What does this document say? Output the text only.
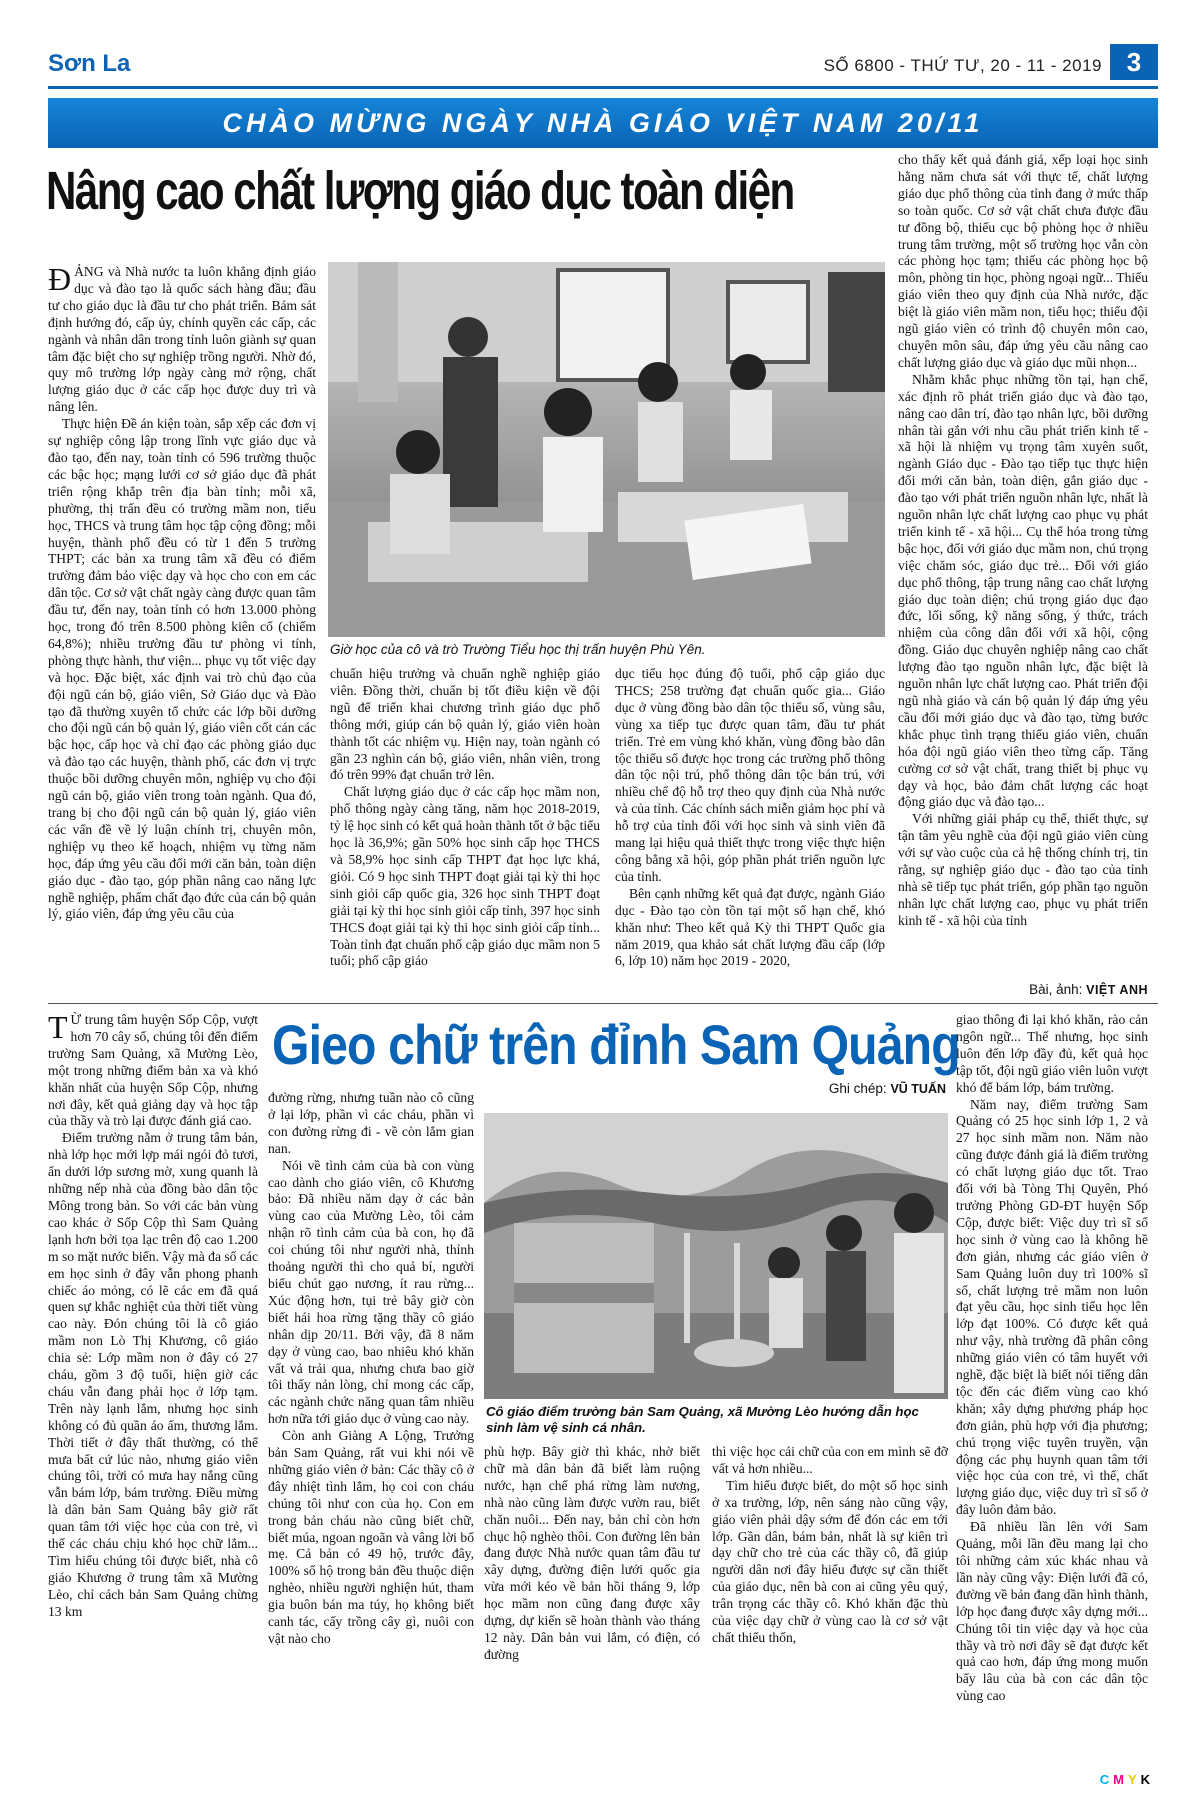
Sơn La	SỐ 6800 - THỨ TƯ, 20 - 11 - 2019 3
CHÀO MỪNG NGÀY NHÀ GIÁO VIỆT NAM 20/11
Nâng cao chất lượng giáo dục toàn diện

ĐẢNG và Nhà nước ta luôn khẳng định giáo dục và đào tạo là quốc sách hàng đầu; đầu tư cho giáo dục là đầu tư cho phát triển. Bám sát định hướng đó, cấp ủy, chính quyền các cấp, các ngành và nhân dân trong tỉnh luôn giành sự quan tâm đặc biệt cho sự nghiệp trồng người. Nhờ đó, quy mô trường lớp ngày càng mở rộng, chất lượng giáo dục ở các cấp học được duy trì và nâng lên.

Thực hiện Đề án kiện toàn, sắp xếp các đơn vị sự nghiệp công lập trong lĩnh vực giáo dục và đào tạo, đến nay, toàn tỉnh có 596 trường thuộc các bậc học; mạng lưới cơ sở giáo dục đã phát triển rộng khắp trên địa bàn tỉnh; mỗi xã, phường, thị trấn đều có trường mầm non, tiểu học, THCS và trung tâm học tập cộng đồng; mỗi huyện, thành phố đều có từ 1 đến 5 trường THPT; các bản xa trung tâm xã đều có điểm trường đảm bảo việc dạy và học cho con em các dân tộc. Cơ sở vật chất ngày càng được quan tâm đầu tư, đến nay, toàn tỉnh có hơn 13.000 phòng học, trong đó trên 8.500 phòng kiên cố (chiếm 64,8%); nhiều trường đầu tư phòng vi tính, phòng thực hành, thư viện... phục vụ tốt việc dạy và học. Đặc biệt, xác định vai trò chủ đạo của đội ngũ cán bộ, giáo viên, Sở Giáo dục và Đào tạo đã thường xuyên tổ chức các lớp bồi dưỡng cho đội ngũ cán bộ quản lý, giáo viên cốt cán các bậc học, cấp học và chỉ đạo các phòng giáo dục và đào tạo các huyện, thành phố, các đơn vị trực thuộc bồi dưỡng chuyên môn, nghiệp vụ cho đội ngũ cán bộ, giáo viên trong toàn ngành. Qua đó, trang bị cho đội ngũ cán bộ quản lý, giáo viên các vấn đề về lý luận chính trị, chuyên môn, nghiệp vụ theo kế hoạch, nhiệm vụ từng năm học, đáp ứng yêu cầu đổi mới căn bản, toàn diện giáo dục - đào tạo, góp phần nâng cao năng lực nghề nghiệp, phẩm chất đạo đức của cán bộ quản lý, giáo viên, đáp ứng yêu cầu của

Giờ học của cô và trò Trường Tiểu học thị trấn huyện Phù Yên.

chuẩn hiệu trưởng và chuẩn nghề nghiệp giáo viên. Đồng thời, chuẩn bị tốt điều kiện về đội ngũ để triển khai chương trình giáo dục phổ thông mới, giúp cán bộ quản lý, giáo viên hoàn thành tốt các nhiệm vụ. Hiện nay, toàn ngành có gần 23 nghìn cán bộ, giáo viên, nhân viên, trong đó trên 99% đạt chuẩn trở lên.

Chất lượng giáo dục ở các cấp học mầm non, phổ thông ngày càng tăng, năm học 2018-2019, tỷ lệ học sinh có kết quả hoàn thành tốt ở bậc tiểu học là 36,9%; gần 50% học sinh cấp học THCS và 58,9% học sinh cấp THPT đạt học lực khá, giỏi. Có 9 học sinh THPT đoạt giải tại kỳ thi học sinh giỏi cấp quốc gia, 326 học sinh THPT đoạt giải tại kỳ thi học sinh giỏi cấp tỉnh, 397 học sinh THCS đoạt giải tại kỳ thi học sinh giỏi cấp tỉnh... Toàn tỉnh đạt chuẩn phổ cập giáo dục mầm non 5 tuổi; phổ cập giáo

dục tiểu học đúng độ tuổi, phổ cập giáo dục THCS; 258 trường đạt chuẩn quốc gia... Giáo dục ở vùng đồng bào dân tộc thiểu số, vùng sâu, vùng xa tiếp tục được quan tâm, đầu tư phát triển. Trẻ em vùng khó khăn, vùng đồng bào dân tộc thiểu số được học trong các trường phổ thông dân tộc nội trú, phổ thông dân tộc bán trú, với nhiều chế độ hỗ trợ theo quy định của Nhà nước và của tỉnh. Các chính sách miễn giảm học phí và hỗ trợ của tỉnh đối với học sinh và sinh viên đã mang lại hiệu quả thiết thực trong việc thực hiện công bằng xã hội, góp phần phát triển nguồn lực của tỉnh.

Bên cạnh những kết quả đạt được, ngành Giáo dục - Đào tạo còn tồn tại một số hạn chế, khó khăn như: Theo kết quả Kỳ thi THPT Quốc gia năm 2019, qua khảo sát chất lượng đầu cấp (lớp 6, lớp 10) năm học 2019 - 2020,

cho thấy kết quả đánh giá, xếp loại học sinh hằng năm chưa sát với thực tế, chất lượng giáo dục phổ thông của tỉnh đang ở mức thấp so toàn quốc. Cơ sở vật chất chưa được đầu tư đồng bộ, thiếu cục bộ phòng học ở nhiều trung tâm trường, một số trường học vẫn còn các phòng học tạm; thiếu các phòng học bộ môn, phòng tin học, phòng ngoại ngữ... Thiếu giáo viên theo quy định của Nhà nước, đặc biệt là giáo viên mầm non, tiểu học; thiếu đội ngũ giáo viên có trình độ chuyên môn cao, chuyên môn sâu, đáp ứng yêu cầu nâng cao chất lượng giáo dục và giáo dục mũi nhọn...

Nhằm khắc phục những tồn tại, hạn chế, xác định rõ phát triển giáo dục và đào tạo, nâng cao dân trí, đào tạo nhân lực, bồi dưỡng nhân tài gắn với nhu cầu phát triển kinh tế - xã hội là nhiệm vụ trọng tâm xuyên suốt, ngành Giáo dục - Đào tạo tiếp tục thực hiện đổi mới căn bản, toàn diện, gắn giáo dục - đào tạo với phát triển nguồn nhân lực, nhất là nguồn nhân lực chất lượng cao phục vụ phát triển kinh tế - xã hội... Cụ thể hóa trong từng bậc học, đối với giáo dục mầm non, chú trọng việc chăm sóc, giáo dục trẻ... Đối với giáo dục phổ thông, tập trung nâng cao chất lượng giáo dục toàn diện; chú trọng giáo dục đạo đức, lối sống, kỹ năng sống, ý thức, trách nhiệm của công dân đối với xã hội, cộng đồng. Giáo dục chuyên nghiệp nâng cao chất lượng đào tạo nguồn nhân lực, đặc biệt là nguồn nhân lực chất lượng cao. Phát triển đội ngũ nhà giáo và cán bộ quản lý đáp ứng yêu cầu đổi mới giáo dục và đào tạo, từng bước khắc phục tình trạng thiếu giáo viên, chuẩn hóa đội ngũ giáo viên theo từng cấp. Tăng cường cơ sở vật chất, trang thiết bị phục vụ dạy và học, bảo đảm chất lượng các hoạt động giáo dục và đào tạo...

Với những giải pháp cụ thể, thiết thực, sự tận tâm yêu nghề của đội ngũ giáo viên cùng với sự vào cuộc của cả hệ thống chính trị, tin rằng, sự nghiệp giáo dục - đào tạo của tỉnh nhà sẽ tiếp tục phát triển, góp phần tạo nguồn nhân lực chất lượng cao, phục vụ phát triển kinh tế - xã hội của tỉnh

Bài, ảnh: VIỆT ANH
Gieo chữ trên đỉnh Sam Quảng
Ghi chép: VŨ TUẤN

T Ừ trung tâm huyện Sốp Cộp, vượt hơn 70 cây số, chúng tôi đến điểm trường Sam Quảng, xã Mường Lèo, một trong những điểm bản xa và khó khăn nhất của huyện Sốp Cộp, nhưng nơi đây, kết quả giảng dạy và học tập của thầy và trò lại được đánh giá cao.

Điểm trường nằm ở trung tâm bản, nhà lớp học mới lợp mái ngói đỏ tươi, ẩn dưới lớp sương mờ, xung quanh là những nếp nhà của đồng bào dân tộc Mông trong bản. So với các bản vùng cao khác ở Sốp Cộp thì Sam Quảng lạnh hơn bởi tọa lạc trên độ cao 1.200 m so mặt nước biển. Vậy mà đa số các em học sinh ở đây vẫn phong phanh chiếc áo mỏng, có lẽ các em đã quá quen sự khắc nghiệt của thời tiết vùng cao này. Đón chúng tôi là cô giáo mầm non Lò Thị Khương, cô giáo chia sẻ: Lớp mầm non ở đây có 27 cháu, gồm 3 độ tuổi, hiện giờ các cháu vẫn đang phải học ở lớp tạm. Trên này lạnh lắm, nhưng học sinh không có đủ quần áo ấm, thương lắm. Thời tiết ở đây thất thường, có thể mưa bất cứ lúc nào, nhưng giáo viên chúng tôi, trời có mưa hay nắng cũng vẫn bám lớp, bám trường. Điều mừng là dân bản Sam Quảng bây giờ rất quan tâm tới việc học của con trẻ, vì thế các cháu chịu khó học chữ lắm... Tìm hiểu chúng tôi được biết, nhà cô giáo Khương ở trung tâm xã Mường Lèo, chỉ cách bản Sam Quảng chừng 13 km

đường rừng, nhưng tuần nào cô cũng ở lại lớp, phần vì các cháu, phần vì con đường rừng đi - về còn lắm gian nan.

Nói về tình cảm của bà con vùng cao dành cho giáo viên, cô Khương bảo: Đã nhiều năm dạy ở các bản vùng cao của Mường Lèo, tôi cảm nhận rõ tình cảm của bà con, họ đã coi chúng tôi như người nhà, thỉnh thoảng người thì cho quả bí, người biếu chút gạo nương, ít rau rừng... Xúc động hơn, tụi trẻ bây giờ còn biết hái hoa rừng tặng thầy cô giáo nhân dịp 20/11. Bởi vậy, đã 8 năm dạy ở vùng cao, bao nhiêu khó khăn vất vả trải qua, nhưng chưa bao giờ tôi thấy nản lòng, chỉ mong các cấp, các ngành chức năng quan tâm nhiều hơn nữa tới giáo dục ở vùng cao này.

Còn anh Giàng A Lộng, Trưởng bản Sam Quảng, rất vui khi nói về những giáo viên ở bản: Các thầy cô ở đây nhiệt tình lắm, họ coi con cháu chúng tôi như con của họ. Con em trong bản cháu nào cũng biết chữ, biết múa, ngoan ngoãn và vâng lời bố mẹ. Cả bản có 49 hộ, trước đây, 100% số hộ trong bản đều thuộc diện nghèo, nhiều người nghiện hút, tham gia buôn bán ma túy, họ không biết canh tác, cấy trồng cây gì, nuôi con vật nào cho

Cô giáo điểm trường bản Sam Quảng, xã Mường Lèo hướng dẫn học sinh làm vệ sinh cá nhân.

phù hợp. Bây giờ thì khác, nhờ biết chữ mà dân bản đã biết làm ruộng nước, hạn chế phá rừng làm nương, nhà nào cũng làm được vườn rau, biết chăn nuôi... Đến nay, bản chỉ còn hơn chục hộ nghèo thôi. Con đường lên bản đang được Nhà nước quan tâm đầu tư xây dựng, đường điện lưới quốc gia vừa mới kéo về bản hồi tháng 9, lớp học mầm non cũng đang được xây dựng, dự kiến sẽ hoàn thành vào tháng 12 này. Dân bản vui lắm, có điện, có đường

thì việc học cái chữ của con em mình sẽ đỡ vất vả hơn nhiều...

Tìm hiểu được biết, do một số học sinh ở xa trường, lớp, nên sáng nào cũng vậy, giáo viên phải dậy sớm để đón các em tới lớp. Gần dân, bám bản, nhất là sự kiên trì dạy chữ cho trẻ của các thầy cô, đã giúp người dân nơi đây hiểu được sự cần thiết của giáo dục, nên bà con ai cũng yêu quý, trân trọng các thầy cô. Khó khăn đặc thù của việc dạy chữ ở vùng cao là cơ sở vật chất thiếu thốn,

giao thông đi lại khó khăn, rào cản ngôn ngữ... Thế nhưng, học sinh luôn đến lớp đầy đủ, kết quả học tập tốt, đội ngũ giáo viên luôn vượt khó để bám lớp, bám trường.

Năm nay, điểm trường Sam Quảng có 25 học sinh lớp 1, 2 và 27 học sinh mầm non. Năm nào cũng được đánh giá là điểm trường có chất lượng giáo dục tốt. Trao đổi với bà Tòng Thị Quyên, Phó trưởng Phòng GD-ĐT huyện Sốp Cộp, được biết: Việc duy trì sĩ số học sinh ở vùng cao là không hề đơn giản, nhưng các giáo viên ở Sam Quảng luôn duy trì 100% sĩ số, chất lượng trẻ mầm non luôn đạt yêu cầu, học sinh tiểu học lên lớp đạt 100%. Có được kết quả như vậy, nhà trường đã phân công những giáo viên có tâm huyết với nghề, đặc biệt là biết nói tiếng dân tộc đến các điểm vùng cao khó khăn; xây dựng phương pháp học đơn giản, phù hợp với địa phương; chú trọng việc tuyên truyền, vận động các phụ huynh quan tâm tới việc học của con trẻ, vì thế, chất lượng giáo dục, việc duy trì sĩ số ở đây luôn đảm bảo.

Đã nhiều lần lên với Sam Quảng, mỗi lần đều mang lại cho tôi những cảm xúc khác nhau và lần này cũng vậy: Điện lưới đã có, đường về bản đang dần hình thành, lớp học đang được xây dựng mới... Chúng tôi tin việc dạy và học của thầy và trò nơi đây sẽ đạt được kết quả cao hơn, đáp ứng mong muốn bấy lâu của bà con các dân tộc vùng cao

CMYK
